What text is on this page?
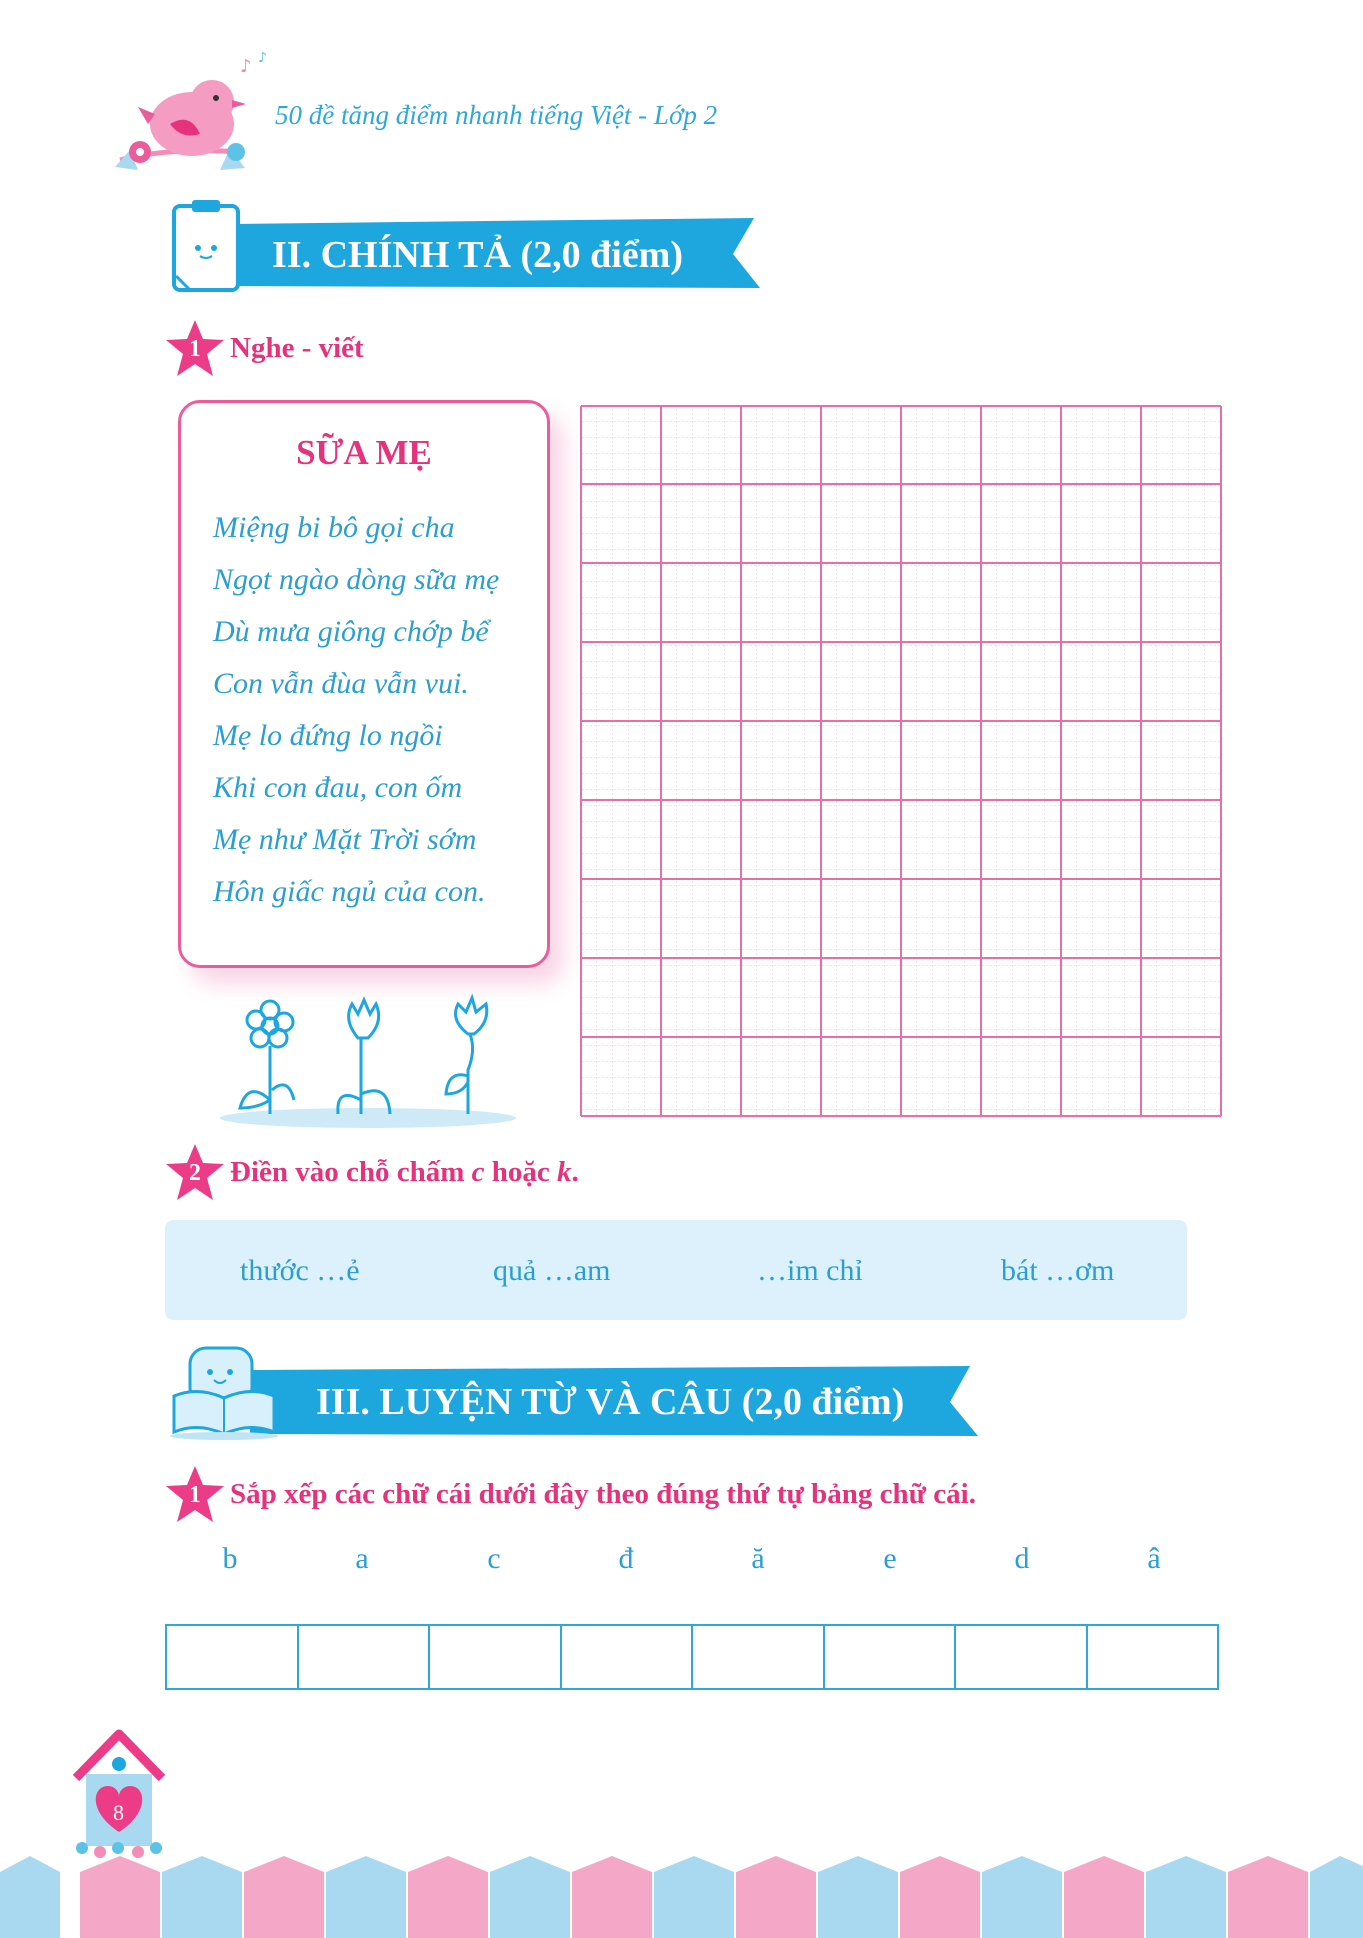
♪ ♪
50 đề tăng điểm nhanh tiếng Việt - Lớp 2
II. CHÍNH TẢ (2,0 điểm)
1	Nghe - viết
SỮA MẸ
Miệng bi bô gọi cha
Ngọt ngào dòng sữa mẹ
Dù mưa giông chớp bể
Con vẫn đùa vẫn vui.
Mẹ lo đứng lo ngồi
Khi con đau, con ốm
Mẹ như Mặt Trời sớm
Hôn giấc ngủ của con.
2	Điền vào chỗ chấm c hoặc k.
thước …ẻ	quả …am	…im chỉ	bát …ơm
III. LUYỆN TỪ VÀ CÂU (2,0 điểm)
1	Sắp xếp các chữ cái dưới đây theo đúng thứ tự bảng chữ cái.
b	a	c	đ	ă	e	d	â
8
